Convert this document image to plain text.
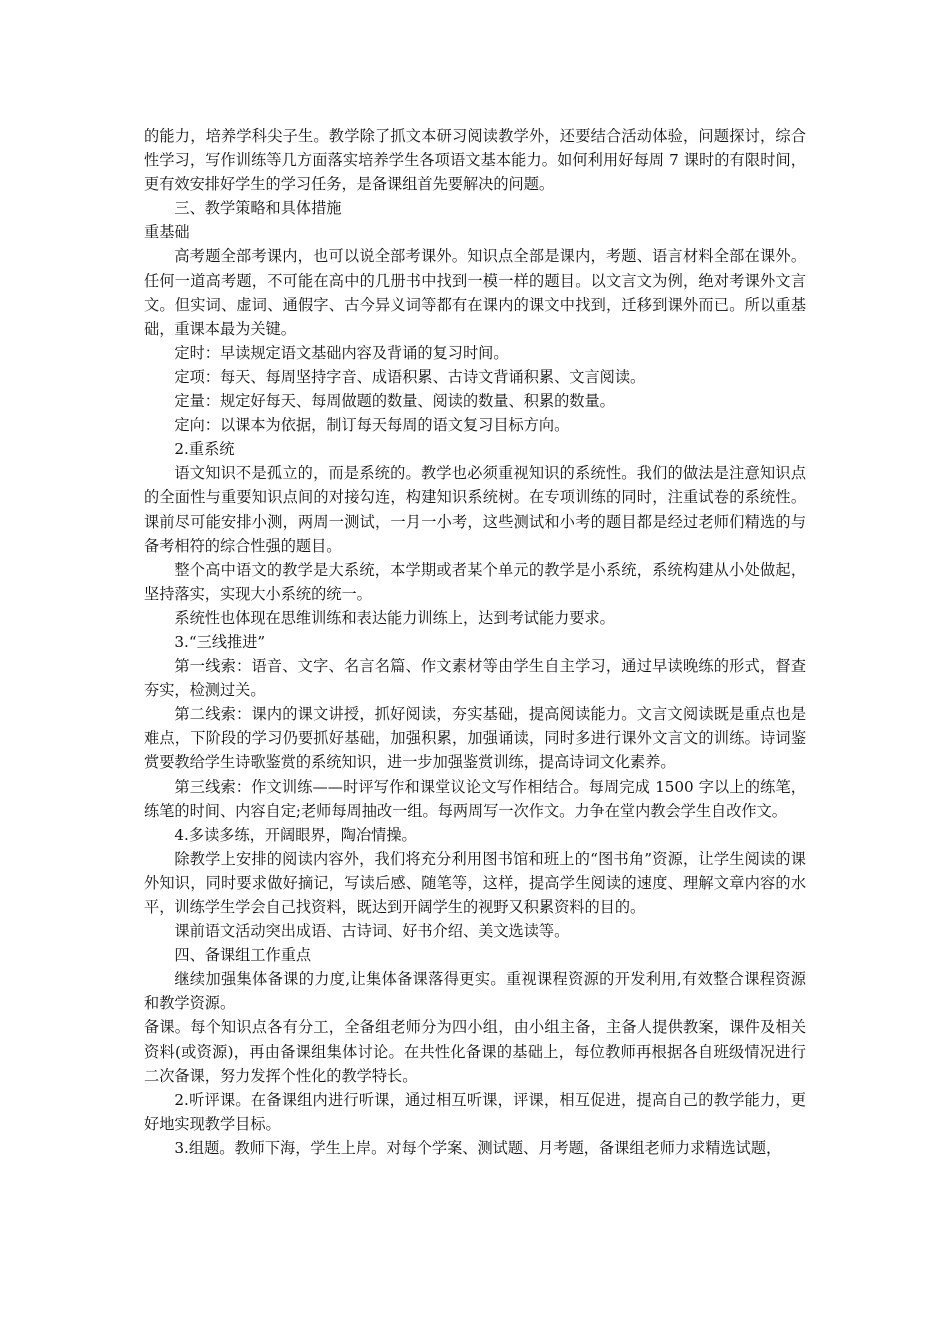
的能力，培养学科尖子生。教学除了抓文本研习阅读教学外，还要结合活动体验，问题探讨，综合性学习，写作训练等几方面落实培养学生各项语文基本能力。如何利用好每周 7 课时的有限时间，更有效安排好学生的学习任务，是备课组首先要解决的问题。

三、教学策略和具体措施

重基础

高考题全部考课内，也可以说全部考课外。知识点全部是课内，考题、语言材料全部在课外。任何一道高考题，不可能在高中的几册书中找到一模一样的题目。以文言文为例，绝对考课外文言文。但实词、虚词、通假字、古今异义词等都有在课内的课文中找到，迁移到课外而已。所以重基础，重课本最为关键。

定时：早读规定语文基础内容及背诵的复习时间。

定项：每天、每周坚持字音、成语积累、古诗文背诵积累、文言阅读。

定量：规定好每天、每周做题的数量、阅读的数量、积累的数量。

定向：以课本为依据，制订每天每周的语文复习目标方向。

2.重系统

语文知识不是孤立的，而是系统的。教学也必须重视知识的系统性。我们的做法是注意知识点的全面性与重要知识点间的对接勾连，构建知识系统树。在专项训练的同时，注重试卷的系统性。课前尽可能安排小测，两周一测试，一月一小考，这些测试和小考的题目都是经过老师们精选的与备考相符的综合性强的题目。

整个高中语文的教学是大系统，本学期或者某个单元的教学是小系统，系统构建从小处做起，坚持落实，实现大小系统的统一。

系统性也体现在思维训练和表达能力训练上，达到考试能力要求。

3.“三线推进”

第一线索：语音、文字、名言名篇、作文素材等由学生自主学习，通过早读晚练的形式，督查夯实，检测过关。

第二线索：课内的课文讲授，抓好阅读，夯实基础，提高阅读能力。文言文阅读既是重点也是难点，下阶段的学习仍要抓好基础，加强积累，加强诵读，同时多进行课外文言文的训练。诗词鉴赏要教给学生诗歌鉴赏的系统知识，进一步加强鉴赏训练，提高诗词文化素养。

第三线索：作文训练——时评写作和课堂议论文写作相结合。每周完成 1500 字以上的练笔，练笔的时间、内容自定;老师每周抽改一组。每两周写一次作文。力争在堂内教会学生自改作文。

4.多读多练，开阔眼界，陶冶情操。

除教学上安排的阅读内容外，我们将充分利用图书馆和班上的“图书角”资源，让学生阅读的课外知识，同时要求做好摘记，写读后感、随笔等，这样，提高学生阅读的速度、理解文章内容的水平，训练学生学会自己找资料，既达到开阔学生的视野又积累资料的目的。

课前语文活动突出成语、古诗词、好书介绍、美文选读等。

四、备课组工作重点

继续加强集体备课的力度,让集体备课落得更实。重视课程资源的开发利用,有效整合课程资源和教学资源。

备课。每个知识点各有分工，全备组老师分为四小组，由小组主备，主备人提供教案，课件及相关资料(或资源)，再由备课组集体讨论。在共性化备课的基础上，每位教师再根据各自班级情况进行二次备课，努力发挥个性化的教学特长。

2.听评课。在备课组内进行听课，通过相互听课，评课，相互促进，提高自己的教学能力，更好地实现教学目标。

3.组题。教师下海，学生上岸。对每个学案、测试题、月考题，备课组老师力求精选试题，
